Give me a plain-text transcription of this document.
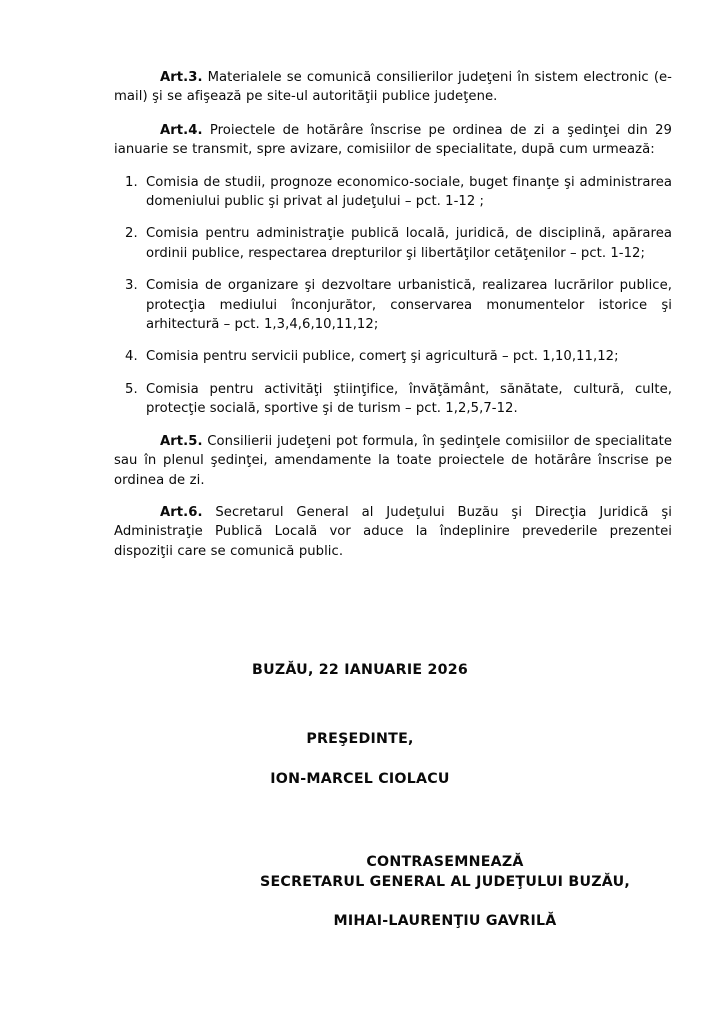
Art.3. Materialele se comunică consilierilor judeţeni în sistem electronic (e-mail) şi se afişează pe site-ul autorităţii publice judeţene.

Art.4. Proiectele de hotărâre înscrise pe ordinea de zi a şedinţei din 29 ianuarie se transmit, spre avizare, comisiilor de specialitate, după cum urmează:

1. Comisia de studii, prognoze economico-sociale, buget finanţe şi administrarea domeniului public şi privat al judeţului – pct. 1-12 ;
2. Comisia pentru administraţie publică locală, juridică, de disciplină, apărarea ordinii publice, respectarea drepturilor şi libertăţilor cetăţenilor – pct. 1-12;
3. Comisia de organizare şi dezvoltare urbanistică, realizarea lucrărilor publice, protecţia mediului înconjurător, conservarea monumentelor istorice şi arhitectură – pct. 1,3,4,6,10,11,12;
4. Comisia pentru servicii publice, comerţ şi agricultură – pct. 1,10,11,12;
5. Comisia pentru activităţi ştiinţifice, învăţământ, sănătate, cultură, culte, protecţie socială, sportive şi de turism – pct. 1,2,5,7-12.

Art.5. Consilierii judeţeni pot formula, în şedinţele comisiilor de specialitate sau în plenul şedinţei, amendamente la toate proiectele de hotărâre înscrise pe ordinea de zi.

Art.6. Secretarul General al Judeţului Buzău şi Direcţia Juridică şi Administraţie Publică Locală vor aduce la îndeplinire prevederile prezentei dispoziţii care se comunică public.

BUZĂU, 22 IANUARIE 2026
PREŞEDINTE,
ION-MARCEL CIOLACU
CONTRASEMNEAZĂ
SECRETARUL GENERAL AL JUDEŢULUI BUZĂU,
MIHAI-LAURENŢIU GAVRILĂ
